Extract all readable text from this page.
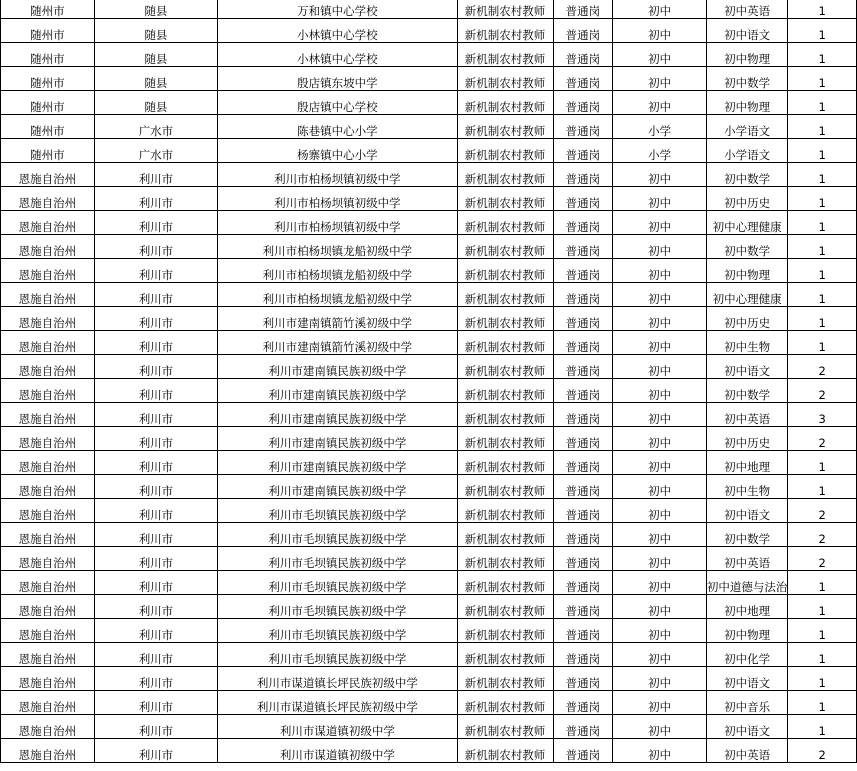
随州市	随县	万和镇中心学校	新机制农村教师	普通岗	初中	初中英语	1
随州市	随县	小林镇中心学校	新机制农村教师	普通岗	初中	初中语文	1
随州市	随县	小林镇中心学校	新机制农村教师	普通岗	初中	初中物理	1
随州市	随县	殷店镇东坡中学	新机制农村教师	普通岗	初中	初中数学	1
随州市	随县	殷店镇中心学校	新机制农村教师	普通岗	初中	初中物理	1
随州市	广水市	陈巷镇中心小学	新机制农村教师	普通岗	小学	小学语文	1
随州市	广水市	杨寨镇中心小学	新机制农村教师	普通岗	小学	小学语文	1
恩施自治州	利川市	利川市柏杨坝镇初级中学	新机制农村教师	普通岗	初中	初中数学	1
恩施自治州	利川市	利川市柏杨坝镇初级中学	新机制农村教师	普通岗	初中	初中历史	1
恩施自治州	利川市	利川市柏杨坝镇初级中学	新机制农村教师	普通岗	初中	初中心理健康	1
恩施自治州	利川市	利川市柏杨坝镇龙船初级中学	新机制农村教师	普通岗	初中	初中数学	1
恩施自治州	利川市	利川市柏杨坝镇龙船初级中学	新机制农村教师	普通岗	初中	初中物理	1
恩施自治州	利川市	利川市柏杨坝镇龙船初级中学	新机制农村教师	普通岗	初中	初中心理健康	1
恩施自治州	利川市	利川市建南镇箭竹溪初级中学	新机制农村教师	普通岗	初中	初中历史	1
恩施自治州	利川市	利川市建南镇箭竹溪初级中学	新机制农村教师	普通岗	初中	初中生物	1
恩施自治州	利川市	利川市建南镇民族初级中学	新机制农村教师	普通岗	初中	初中语文	2
恩施自治州	利川市	利川市建南镇民族初级中学	新机制农村教师	普通岗	初中	初中数学	2
恩施自治州	利川市	利川市建南镇民族初级中学	新机制农村教师	普通岗	初中	初中英语	3
恩施自治州	利川市	利川市建南镇民族初级中学	新机制农村教师	普通岗	初中	初中历史	2
恩施自治州	利川市	利川市建南镇民族初级中学	新机制农村教师	普通岗	初中	初中地理	1
恩施自治州	利川市	利川市建南镇民族初级中学	新机制农村教师	普通岗	初中	初中生物	1
恩施自治州	利川市	利川市毛坝镇民族初级中学	新机制农村教师	普通岗	初中	初中语文	2
恩施自治州	利川市	利川市毛坝镇民族初级中学	新机制农村教师	普通岗	初中	初中数学	2
恩施自治州	利川市	利川市毛坝镇民族初级中学	新机制农村教师	普通岗	初中	初中英语	2
恩施自治州	利川市	利川市毛坝镇民族初级中学	新机制农村教师	普通岗	初中	初中道德与法治	1
恩施自治州	利川市	利川市毛坝镇民族初级中学	新机制农村教师	普通岗	初中	初中地理	1
恩施自治州	利川市	利川市毛坝镇民族初级中学	新机制农村教师	普通岗	初中	初中物理	1
恩施自治州	利川市	利川市毛坝镇民族初级中学	新机制农村教师	普通岗	初中	初中化学	1
恩施自治州	利川市	利川市谋道镇长坪民族初级中学	新机制农村教师	普通岗	初中	初中语文	1
恩施自治州	利川市	利川市谋道镇长坪民族初级中学	新机制农村教师	普通岗	初中	初中音乐	1
恩施自治州	利川市	利川市谋道镇初级中学	新机制农村教师	普通岗	初中	初中语文	1
恩施自治州	利川市	利川市谋道镇初级中学	新机制农村教师	普通岗	初中	初中英语	2
